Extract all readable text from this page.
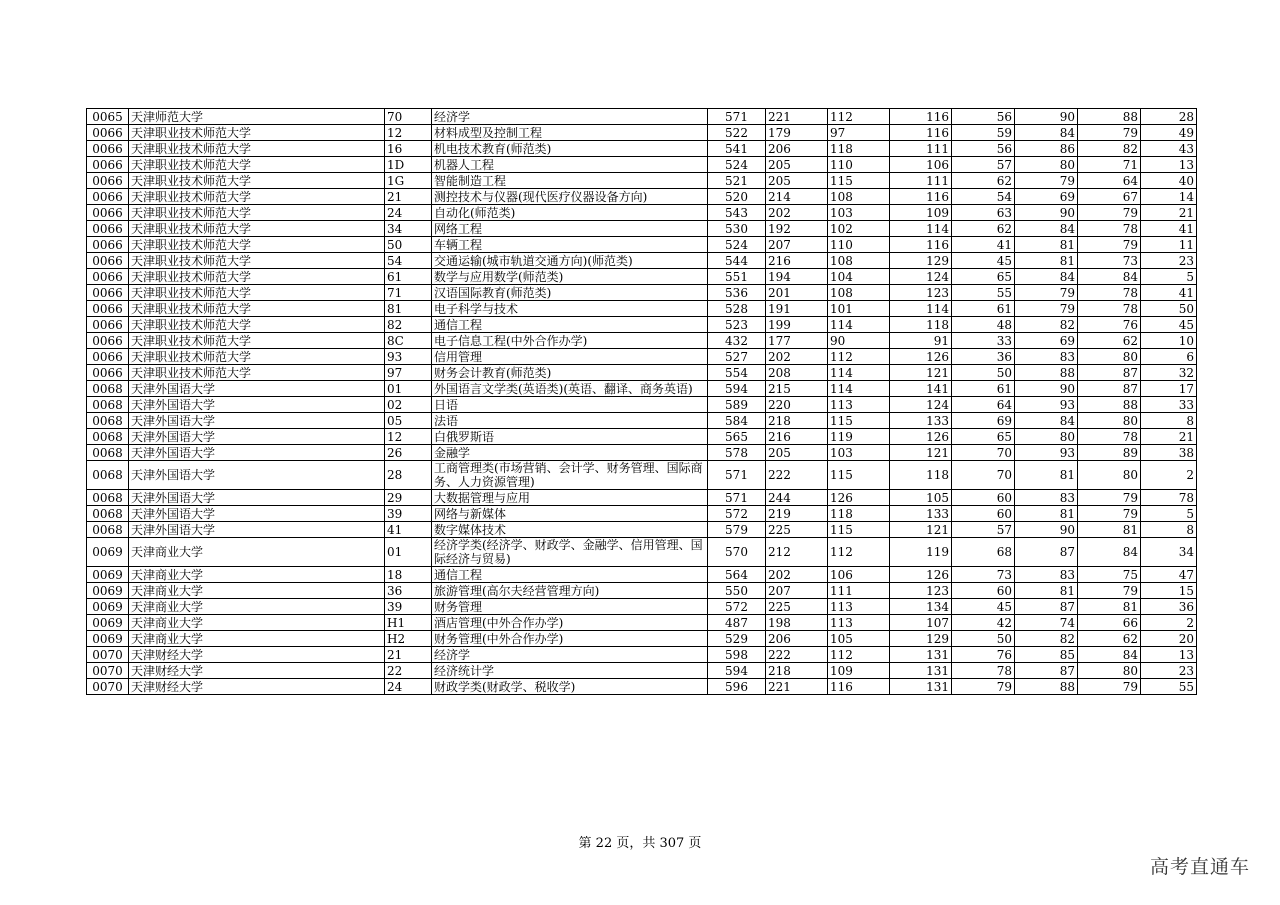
0065	天津师范大学	70	经济学	571	221	112	116	56	90	88	28
0066	天津职业技术师范大学	12	材料成型及控制工程	522	179	97	116	59	84	79	49
0066	天津职业技术师范大学	16	机电技术教育(师范类)	541	206	118	111	56	86	82	43
0066	天津职业技术师范大学	1D	机器人工程	524	205	110	106	57	80	71	13
0066	天津职业技术师范大学	1G	智能制造工程	521	205	115	111	62	79	64	40
0066	天津职业技术师范大学	21	测控技术与仪器(现代医疗仪器设备方向)	520	214	108	116	54	69	67	14
0066	天津职业技术师范大学	24	自动化(师范类)	543	202	103	109	63	90	79	21
0066	天津职业技术师范大学	34	网络工程	530	192	102	114	62	84	78	41
0066	天津职业技术师范大学	50	车辆工程	524	207	110	116	41	81	79	11
0066	天津职业技术师范大学	54	交通运输(城市轨道交通方向)(师范类)	544	216	108	129	45	81	73	23
0066	天津职业技术师范大学	61	数学与应用数学(师范类)	551	194	104	124	65	84	84	5
0066	天津职业技术师范大学	71	汉语国际教育(师范类)	536	201	108	123	55	79	78	41
0066	天津职业技术师范大学	81	电子科学与技术	528	191	101	114	61	79	78	50
0066	天津职业技术师范大学	82	通信工程	523	199	114	118	48	82	76	45
0066	天津职业技术师范大学	8C	电子信息工程(中外合作办学)	432	177	90	91	33	69	62	10
0066	天津职业技术师范大学	93	信用管理	527	202	112	126	36	83	80	6
0066	天津职业技术师范大学	97	财务会计教育(师范类)	554	208	114	121	50	88	87	32
0068	天津外国语大学	01	外国语言文学类(英语类)(英语、翻译、商务英语)	594	215	114	141	61	90	87	17
0068	天津外国语大学	02	日语	589	220	113	124	64	93	88	33
0068	天津外国语大学	05	法语	584	218	115	133	69	84	80	8
0068	天津外国语大学	12	白俄罗斯语	565	216	119	126	65	80	78	21
0068	天津外国语大学	26	金融学	578	205	103	121	70	93	89	38
0068	天津外国语大学	28	工商管理类(市场营销、会计学、财务管理、国际商务、人力资源管理)	571	222	115	118	70	81	80	2
0068	天津外国语大学	29	大数据管理与应用	571	244	126	105	60	83	79	78
0068	天津外国语大学	39	网络与新媒体	572	219	118	133	60	81	79	5
0068	天津外国语大学	41	数字媒体技术	579	225	115	121	57	90	81	8
0069	天津商业大学	01	经济学类(经济学、财政学、金融学、信用管理、国际经济与贸易)	570	212	112	119	68	87	84	34
0069	天津商业大学	18	通信工程	564	202	106	126	73	83	75	47
0069	天津商业大学	36	旅游管理(高尔夫经营管理方向)	550	207	111	123	60	81	79	15
0069	天津商业大学	39	财务管理	572	225	113	134	45	87	81	36
0069	天津商业大学	H1	酒店管理(中外合作办学)	487	198	113	107	42	74	66	2
0069	天津商业大学	H2	财务管理(中外合作办学)	529	206	105	129	50	82	62	20
0070	天津财经大学	21	经济学	598	222	112	131	76	85	84	13
0070	天津财经大学	22	经济统计学	594	218	109	131	78	87	80	23
0070	天津财经大学	24	财政学类(财政学、税收学)	596	221	116	131	79	88	79	55
第 22 页，共 307 页
高考直通车
